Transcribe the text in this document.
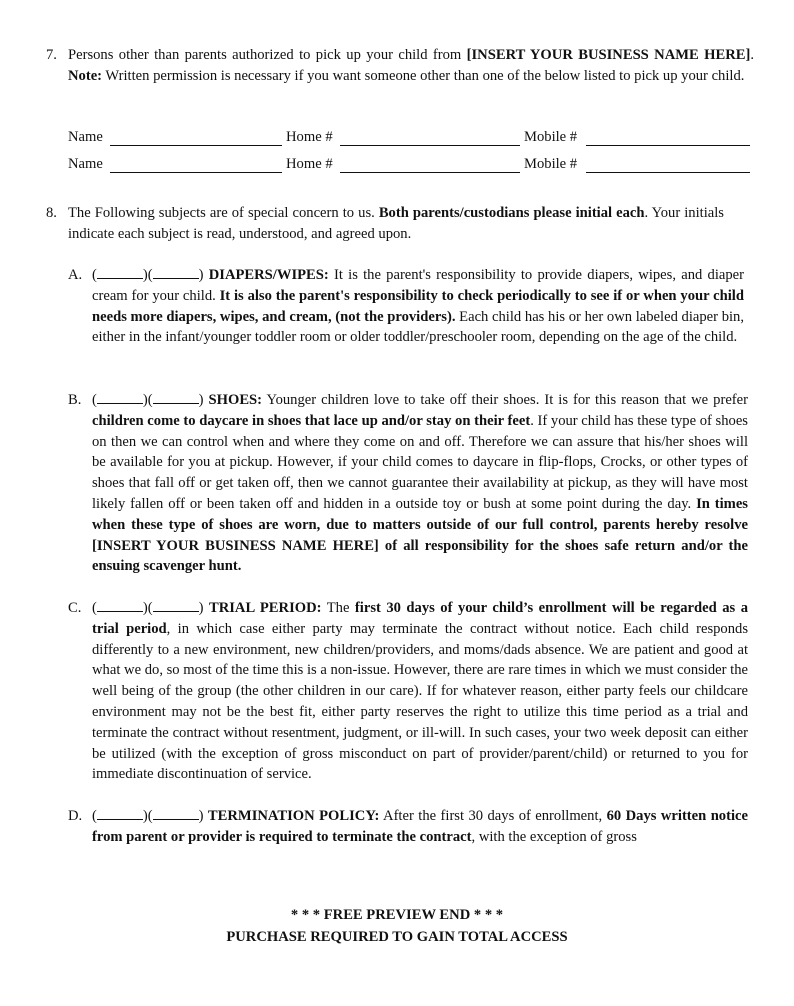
7. Persons other than parents authorized to pick up your child from [INSERT YOUR BUSINESS NAME HERE]. Note: Written permission is necessary if you want someone other than one of the below listed to pick up your child.
Name	Home #	Mobile #
Name	Home #	Mobile #
8. The Following subjects are of special concern to us. Both parents/custodians please initial each. Your initials indicate each subject is read, understood, and agreed upon.
A. (	)(	) DIAPERS/WIPES: It is the parent's responsibility to provide diapers, wipes, and diaper cream for your child. It is also the parent's responsibility to check periodically to see if or when your child needs more diapers, wipes, and cream, (not the providers). Each child has his or her own labeled diaper bin, either in the infant/younger toddler room or older toddler/preschooler room, depending on the age of the child.
B. (	)(	) SHOES: Younger children love to take off their shoes. It is for this reason that we prefer children come to daycare in shoes that lace up and/or stay on their feet. If your child has these type of shoes on then we can control when and where they come on and off. Therefore we can assure that his/her shoes will be available for you at pickup. However, if your child comes to daycare in flip-flops, Crocks, or other types of shoes that fall off or get taken off, then we cannot guarantee their availability at pickup, as they will have most likely fallen off or been taken off and hidden in a outside toy or bush at some point during the day. In times when these type of shoes are worn, due to matters outside of our full control, parents hereby resolve [INSERT YOUR BUSINESS NAME HERE] of all responsibility for the shoes safe return and/or the ensuing scavenger hunt.
C. (	)(	) TRIAL PERIOD: The first 30 days of your child’s enrollment will be regarded as a trial period, in which case either party may terminate the contract without notice. Each child responds differently to a new environment, new children/providers, and moms/dads absence. We are patient and good at what we do, so most of the time this is a non-issue. However, there are rare times in which we must consider the well being of the group (the other children in our care). If for whatever reason, either party feels our childcare environment may not be the best fit, either party reserves the right to utilize this time period as a trial and terminate the contract without resentment, judgment, or ill-will. In such cases, your two week deposit can either be utilized (with the exception of gross misconduct on part of provider/parent/child) or returned to you for immediate discontinuation of service.
D. (	)(	) TERMINATION POLICY: After the first 30 days of enrollment, 60 Days written notice from parent or provider is required to terminate the contract, with the exception of gross
* * * FREE PREVIEW END * * *
PURCHASE REQUIRED TO GAIN TOTAL ACCESS
